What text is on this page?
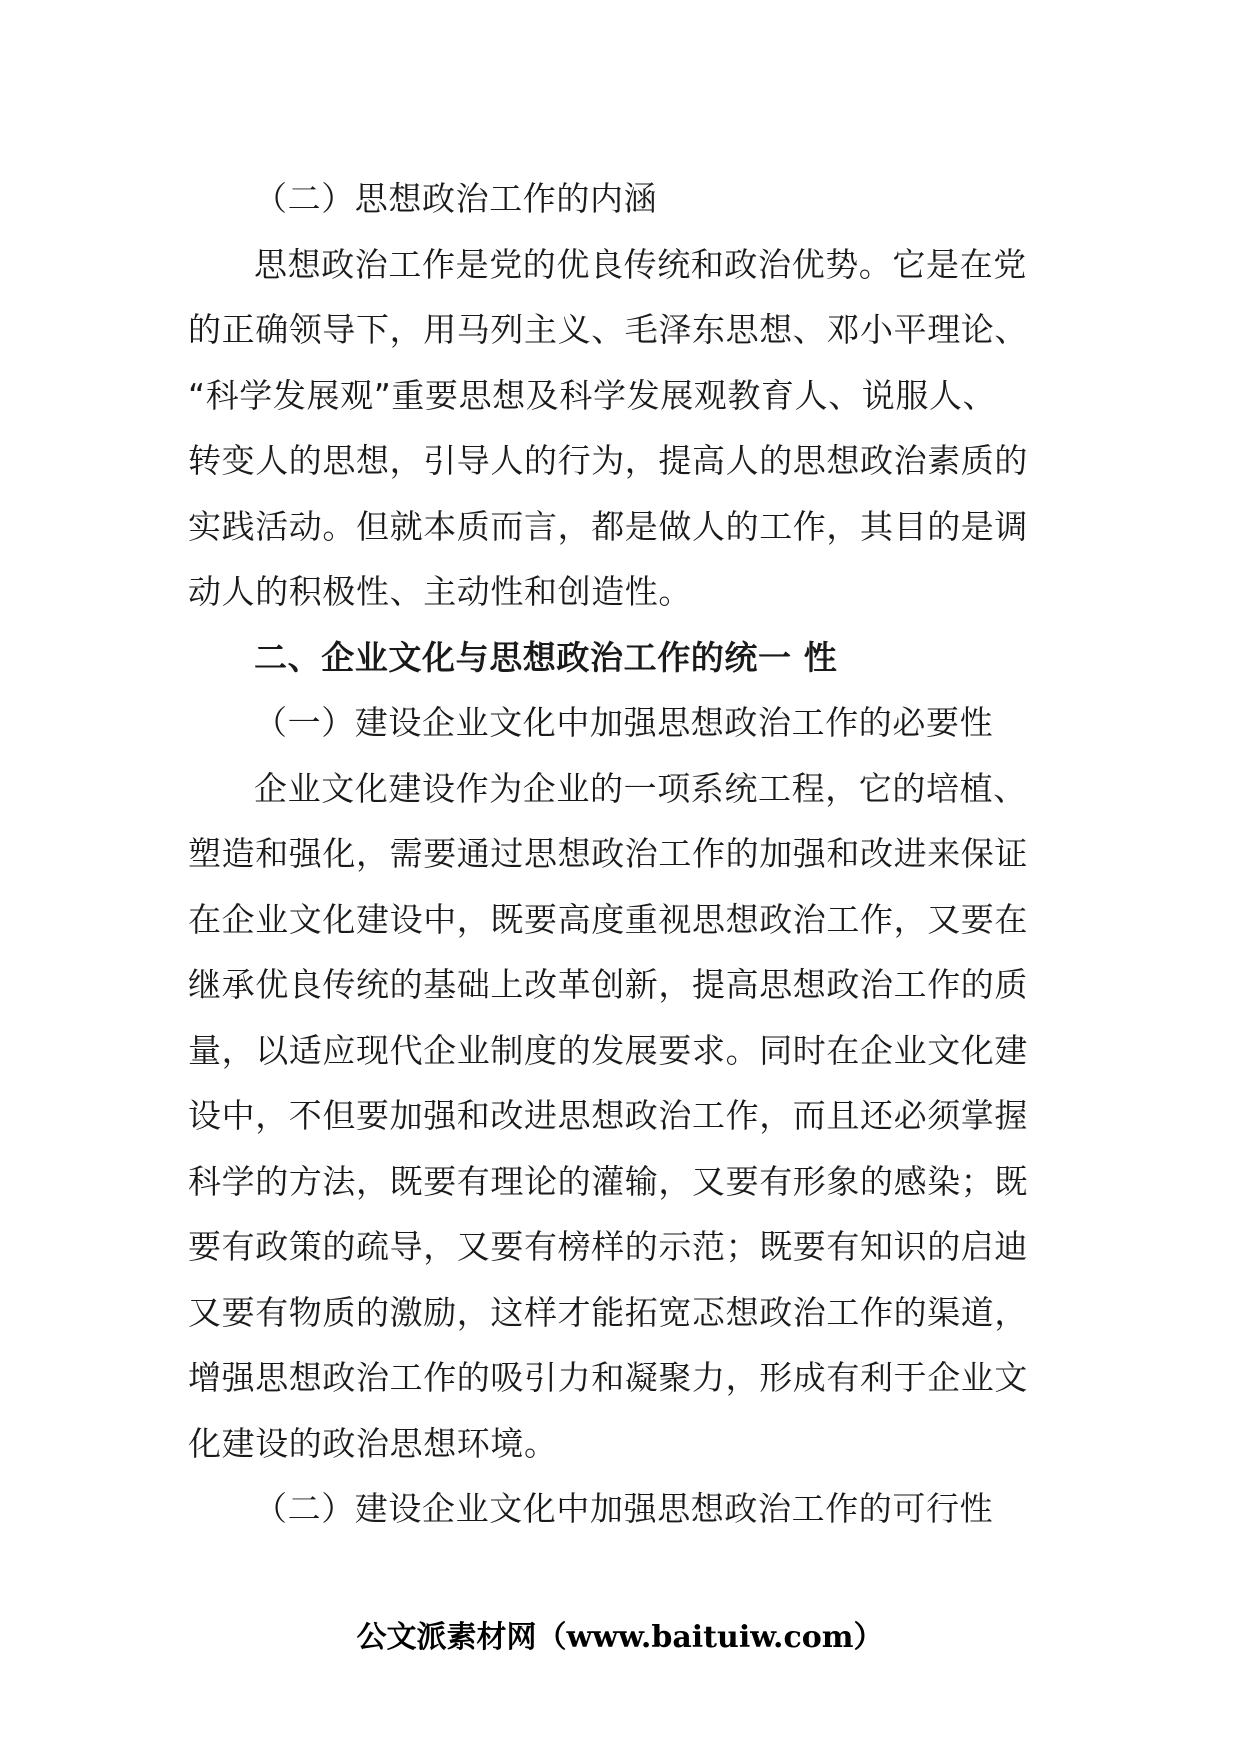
（二）思想政治工作的内涵
思想政治工作是党的优良传统和政治优势。它是在党
的正确领导下，用马列主义、毛泽东思想、邓小平理论、
“科学发展观”重要思想及科学发展观教育人、说服人、
转变人的思想，引导人的行为，提高人的思想政治素质的
实践活动。但就本质而言，都是做人的工作，其目的是调
动人的积极性、主动性和创造性。
二、企业文化与思想政治工作的统一 性
（一）建设企业文化中加强思想政治工作的必要性
企业文化建设作为企业的一项系统工程，它的培植、
塑造和强化，需要通过思想政治工作的加强和改进来保证
在企业文化建设中，既要高度重视思想政治工作，又要在
继承优良传统的基础上改革创新，提高思想政治工作的质
量，以适应现代企业制度的发展要求。同时在企业文化建
设中，不但要加强和改进思想政治工作，而且还必须掌握
科学的方法，既要有理论的灌输，又要有形象的感染；既
要有政策的疏导，又要有榜样的示范；既要有知识的启迪
又要有物质的激励，这样才能拓宽忑想政治工作的渠道，
增强思想政治工作的吸引力和凝聚力，形成有利于企业文
化建设的政治思想环境。
（二）建设企业文化中加强思想政治工作的可行性
公文派素材网（www.baituiw.com）
